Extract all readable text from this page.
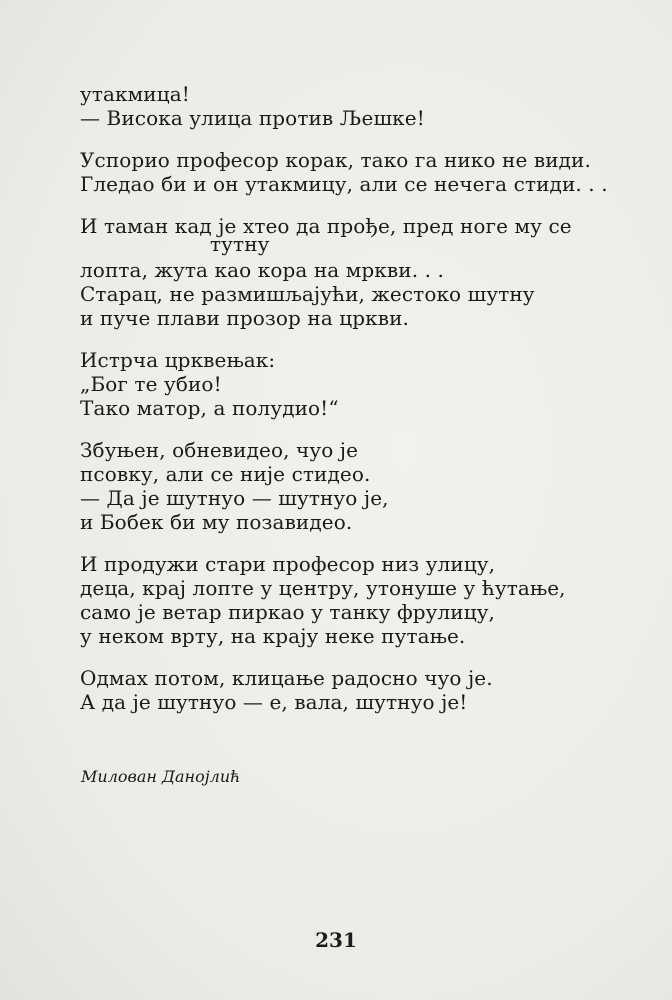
утакмица!
— Висока улица против Љешке!
Успорио професор корак, тако га нико не види.
Гледао би и он утакмицу, али се нечега стиди. . .
И таман кад је хтео да прође, пред ноге му се
тутну
лопта, жута као кора на мркви. . .
Старац, не размишљајући, жестоко шутну
и пуче плави прозор на цркви.
Истрча црквењак:
„Бог те убио!
Тако матор, а полудио!“
Збуњен, обневидео, чуо је
псовку, али се није стидео.
— Да је шутнуо — шутнуо је,
и Бобек би му позавидео.
И продужи стари професор низ улицу,
деца, крај лопте у центру, утонуше у ћутање,
само је ветар пиркао у танку фрулицу,
у неком врту, на крају неке путање.
Одмах потом, клицање радосно чуо је.
А да је шутнуо — е, вала, шутнуо је!
Милован Данојлић
231
